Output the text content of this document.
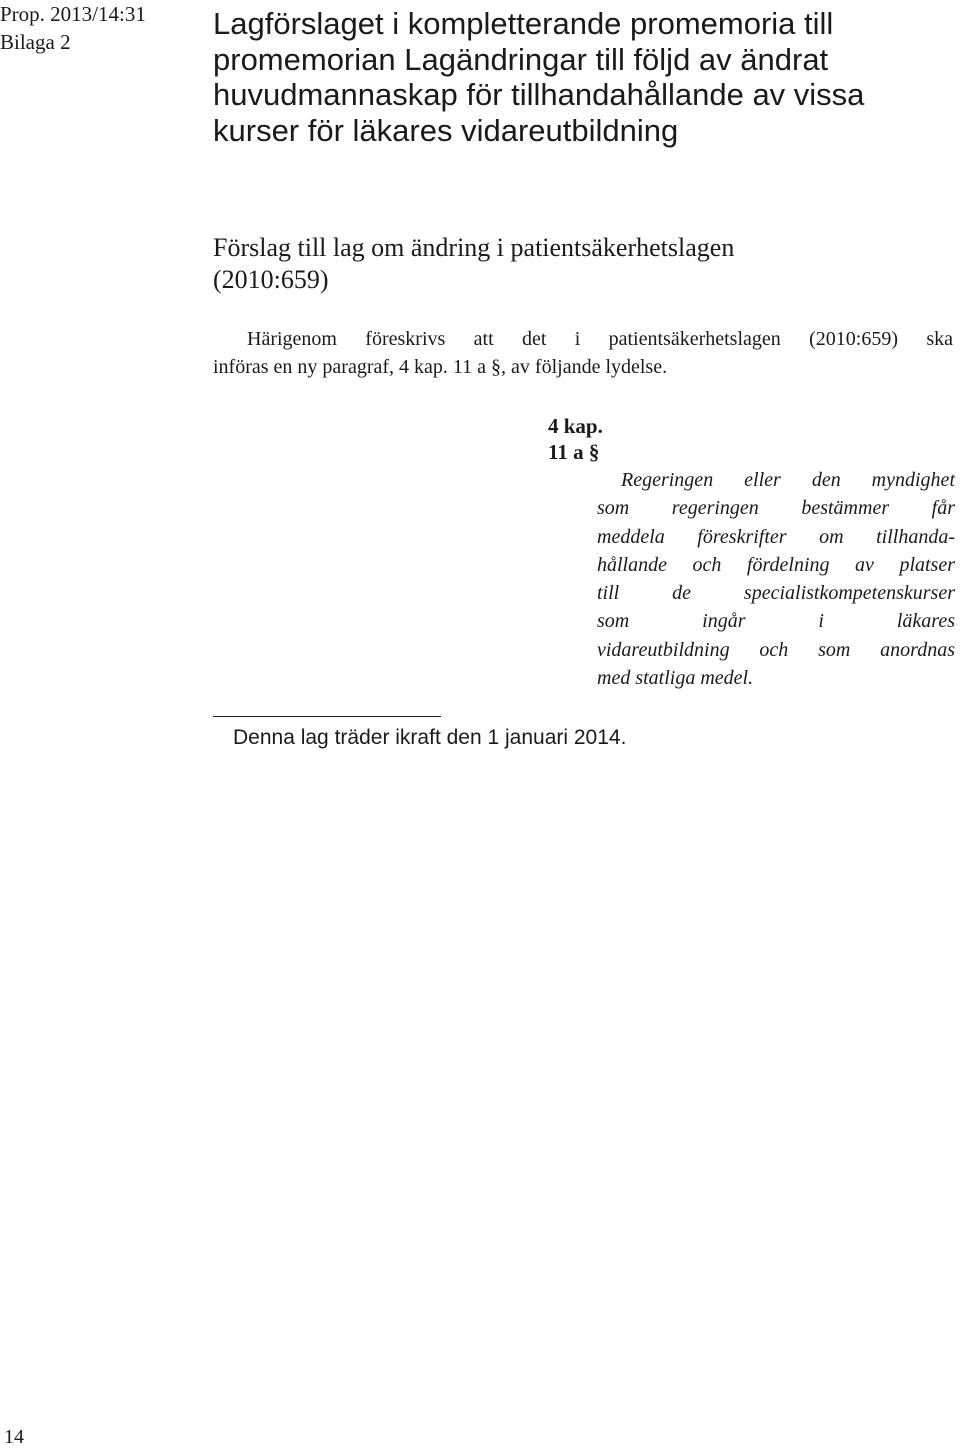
Prop. 2013/14:31
Bilaga 2
Lagförslaget i kompletterande promemoria till
promemorian Lagändringar till följd av ändrat
huvudmannaskap för tillhandahållande av vissa
kurser för läkares vidareutbildning
Förslag till lag om ändring i patientsäkerhetslagen
(2010:659)
Härigenom föreskrivs att det i patientsäkerhetslagen (2010:659) ska
införas en ny paragraf, 4 kap. 11 a §, av följande lydelse.
4 kap.
11 a §
Regeringen eller den myndighet
som regeringen bestämmer får
meddela föreskrifter om tillhanda-
hållande och fördelning av platser
till de specialistkompetenskurser
som ingår i läkares
vidareutbildning och som anordnas
med statliga medel.
Denna lag träder ikraft den 1 januari 2014.
14
